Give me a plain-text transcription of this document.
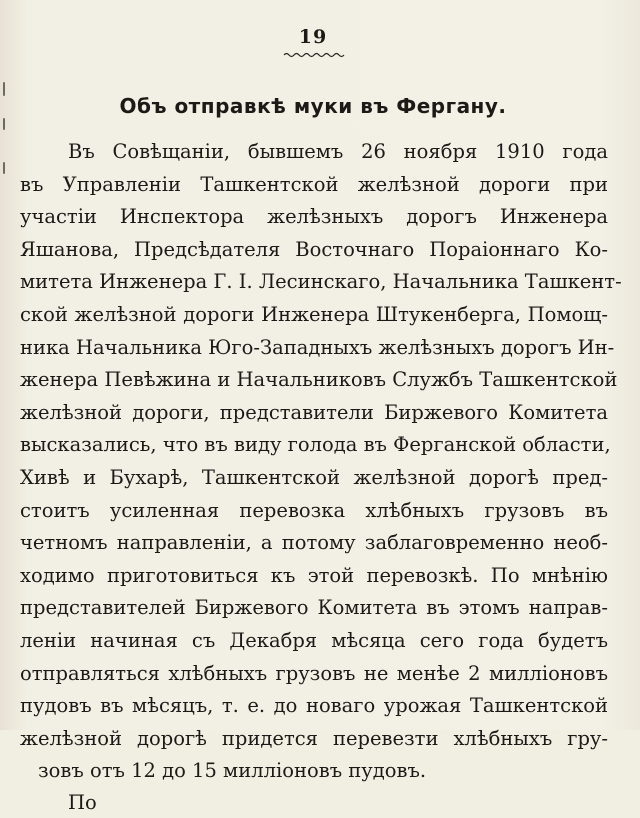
19
Объ отправкѣ муки въ Фергану.
Въ Совѣщаніи, бывшемъ 26 ноября 1910 года
въ Управленіи Ташкентской желѣзной дороги при
участіи Инспектора желѣзныхъ дорогъ Инженера
Яшанова, Предсѣдателя Восточнаго Пораіоннаго Ко-
митета Инженера Г. І. Лесинскаго, Начальника Ташкент-
ской желѣзной дороги Инженера Штукенберга, Помощ-
ника Начальника Юго-Западныхъ желѣзныхъ дорогъ Ин-
женера Певѣжина и Начальниковъ Службъ Ташкентской
желѣзной дороги, представители Биржевого Комитета
высказались, что въ виду голода въ Ферганской области,
Хивѣ и Бухарѣ, Ташкентской желѣзной дорогѣ пред-
стоитъ усиленная перевозка хлѣбныхъ грузовъ въ
четномъ направленіи, а потому заблаговременно необ-
ходимо приготовиться къ этой перевозкѣ. По мнѣнію
представителей Биржевого Комитета въ этомъ направ-
леніи начиная съ Декабря мѣсяца сего года будетъ
отправляться хлѣбныхъ грузовъ не менѣе 2 милліоновъ
пудовъ въ мѣсяцъ, т. е. до новаго урожая Ташкентской
желѣзной дорогѣ придется перевезти хлѣбныхъ гру-
зовъ отъ 12 до 15 милліоновъ пудовъ.
По
